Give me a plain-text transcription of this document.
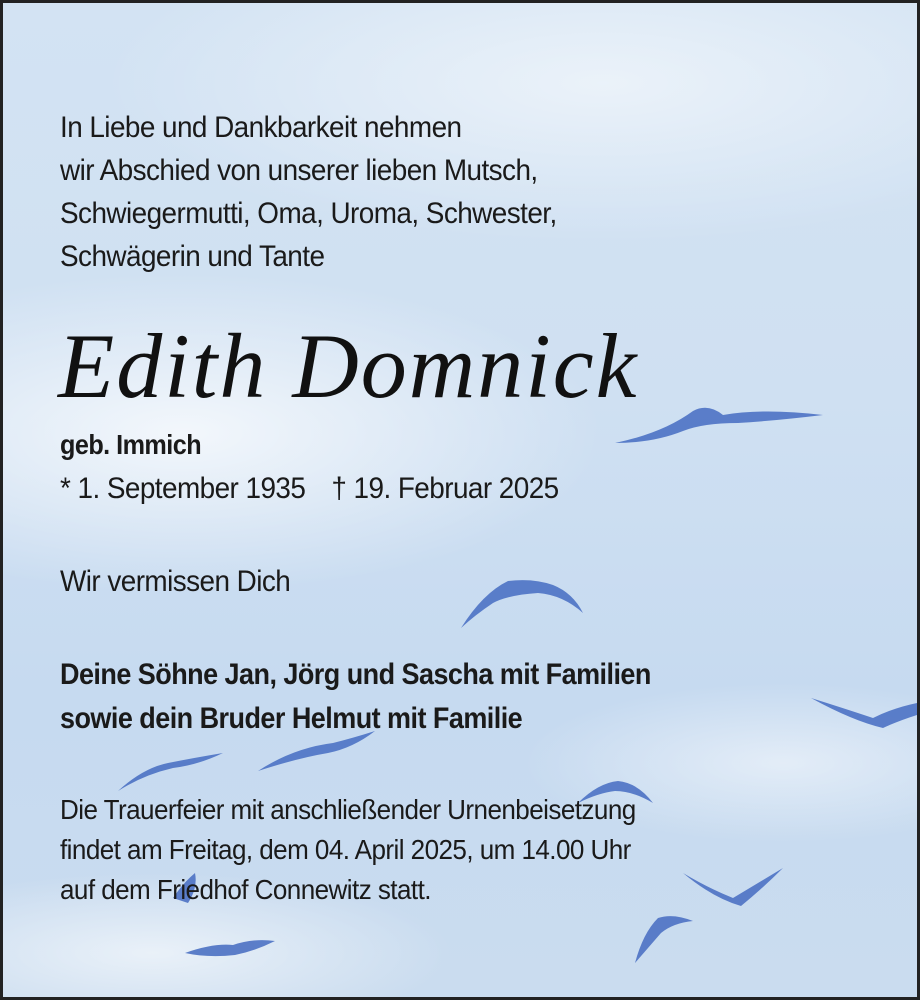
In Liebe und Dankbarkeit nehmen
wir Abschied von unserer lieben Mutsch,
Schwiegermutti, Oma, Uroma, Schwester,
Schwägerin und Tante
Edith Domnick
geb. Immich
* 1. September 1935 † 19. Februar 2025
Wir vermissen Dich
Deine Söhne Jan, Jörg und Sascha mit Familien
sowie dein Bruder Helmut mit Familie
Die Trauerfeier mit anschließender Urnenbeisetzung
findet am Freitag, dem 04. April 2025, um 14.00 Uhr
auf dem Friedhof Connewitz statt.
